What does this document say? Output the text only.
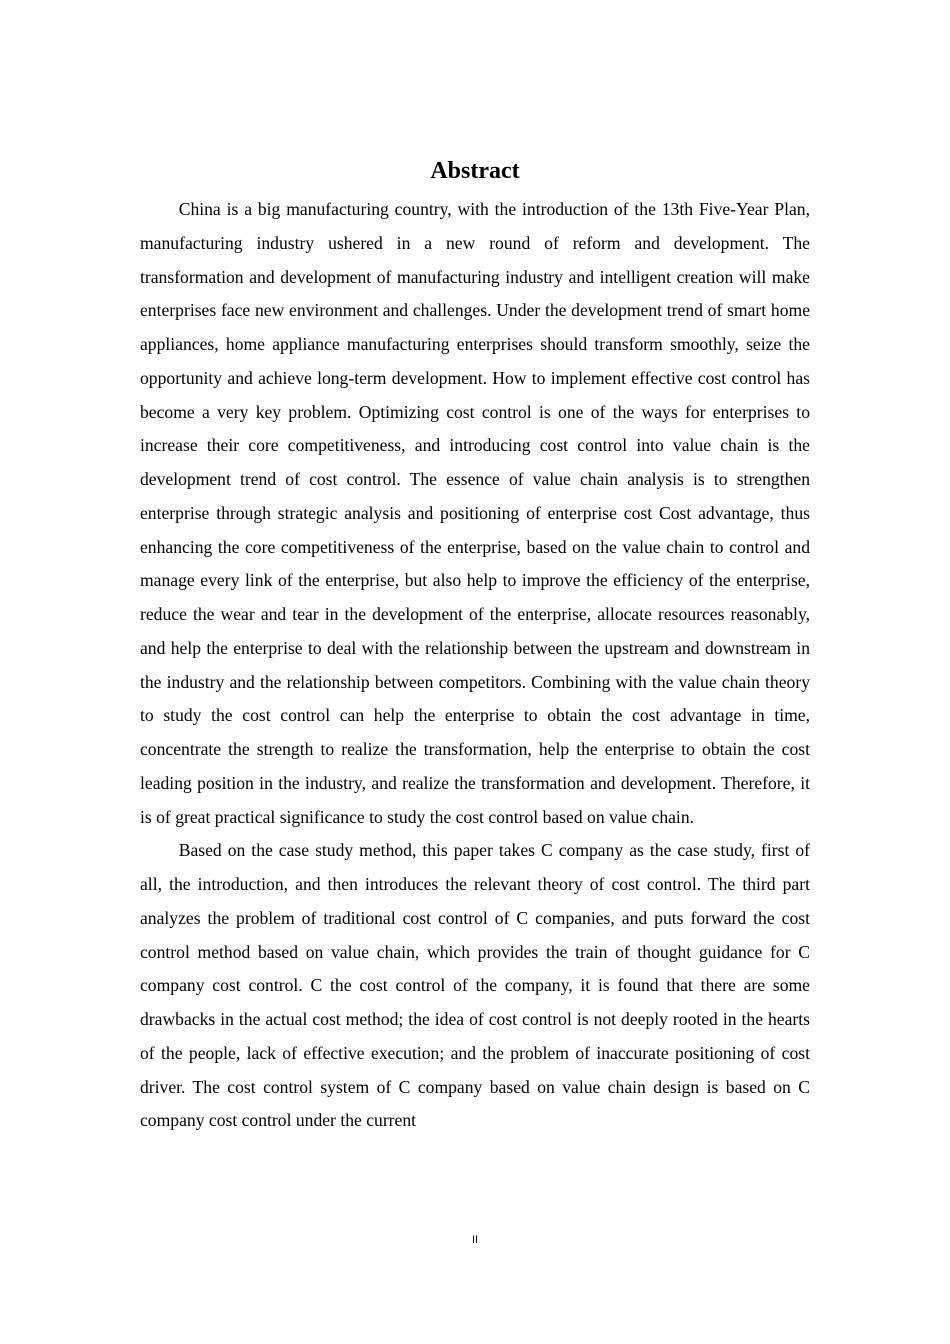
Abstract

China is a big manufacturing country, with the introduction of the 13th Five-Year Plan, manufacturing industry ushered in a new round of reform and development. The transformation and development of manufacturing industry and intelligent creation will make enterprises face new environment and challenges. Under the development trend of smart home appliances, home appliance manufacturing enterprises should transform smoothly, seize the opportunity and achieve long-term development. How to implement effective cost control has become a very key problem. Optimizing cost control is one of the ways for enterprises to increase their core competitiveness, and introducing cost control into value chain is the development trend of cost control. The essence of value chain analysis is to strengthen enterprise through strategic analysis and positioning of enterprise cost Cost advantage, thus enhancing the core competitiveness of the enterprise, based on the value chain to control and manage every link of the enterprise, but also help to improve the efficiency of the enterprise, reduce the wear and tear in the development of the enterprise, allocate resources reasonably, and help the enterprise to deal with the relationship between the upstream and downstream in the industry and the relationship between competitors. Combining with the value chain theory to study the cost control can help the enterprise to obtain the cost advantage in time, concentrate the strength to realize the transformation, help the enterprise to obtain the cost leading position in the industry, and realize the transformation and development. Therefore, it is of great practical significance to study the cost control based on value chain.

Based on the case study method, this paper takes C company as the case study, first of all, the introduction, and then introduces the relevant theory of cost control. The third part analyzes the problem of traditional cost control of C companies, and puts forward the cost control method based on value chain, which provides the train of thought guidance for C company cost control. C the cost control of the company, it is found that there are some drawbacks in the actual cost method; the idea of cost control is not deeply rooted in the hearts of the people, lack of effective execution; and the problem of inaccurate positioning of cost driver. The cost control system of C company based on value chain design is based on C company cost control under the current

II
